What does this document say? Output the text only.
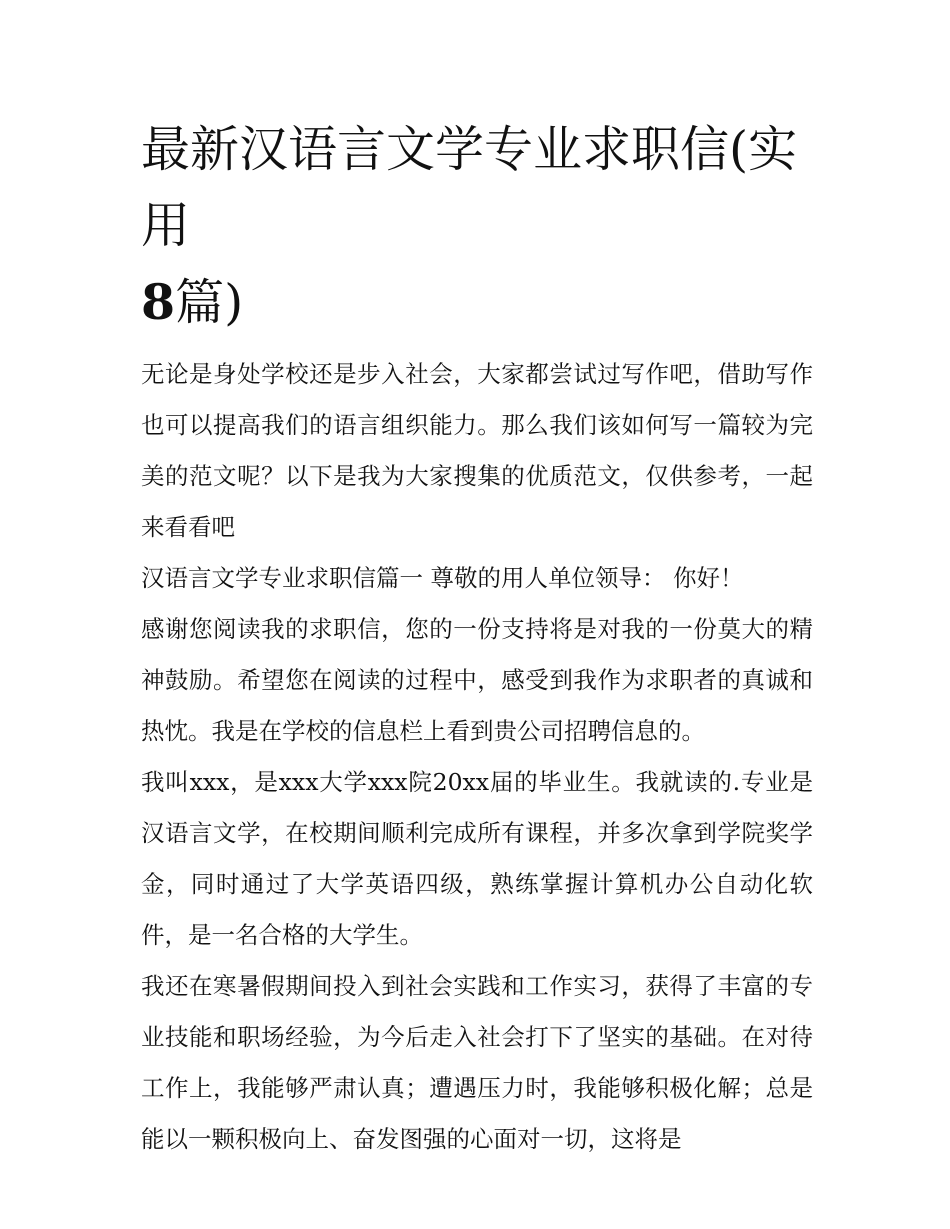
最新汉语言文学专业求职信(实用
8篇)

无论是身处学校还是步入社会，大家都尝试过写作吧，借助写作也可以提高我们的语言组织能力。那么我们该如何写一篇较为完美的范文呢？以下是我为大家搜集的优质范文，仅供参考，一起来看看吧

汉语言文学专业求职信篇一 尊敬的用人单位领导： 你好！

感谢您阅读我的求职信，您的一份支持将是对我的一份莫大的精神鼓励。希望您在阅读的过程中，感受到我作为求职者的真诚和热忱。我是在学校的信息栏上看到贵公司招聘信息的。

我叫xxx，是xxx大学xxx院20xx届的毕业生。我就读的.专业是汉语言文学，在校期间顺利完成所有课程，并多次拿到学院奖学金，同时通过了大学英语四级，熟练掌握计算机办公自动化软件，是一名合格的大学生。

我还在寒暑假期间投入到社会实践和工作实习，获得了丰富的专业技能和职场经验，为今后走入社会打下了坚实的基础。在对待工作上，我能够严肃认真；遭遇压力时，我能够积极化解；总是能以一颗积极向上、奋发图强的心面对一切，这将是
